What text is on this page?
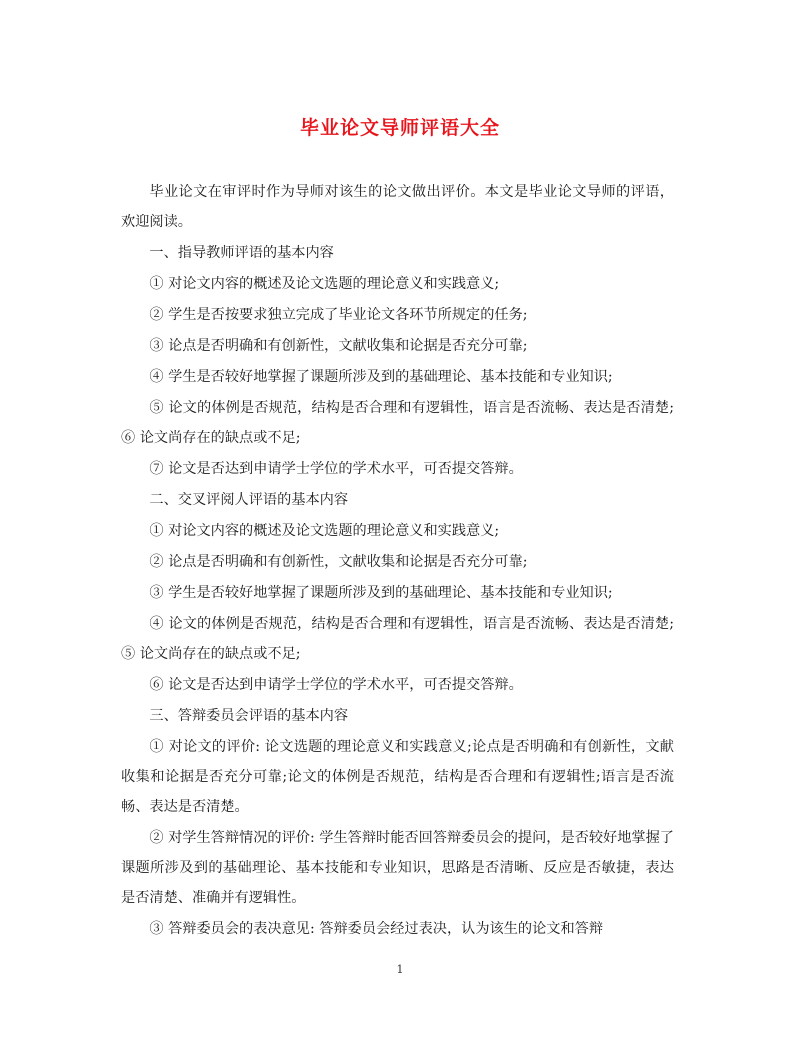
毕业论文导师评语大全

毕业论文在审评时作为导师对该生的论文做出评价。本文是毕业论文导师的评语，欢迎阅读。

一、指导教师评语的基本内容

① 对论文内容的概述及论文选题的理论意义和实践意义;

② 学生是否按要求独立完成了毕业论文各环节所规定的任务;

③ 论点是否明确和有创新性，文献收集和论据是否充分可靠;

④ 学生是否较好地掌握了课题所涉及到的基础理论、基本技能和专业知识;

⑤ 论文的体例是否规范，结构是否合理和有逻辑性，语言是否流畅、表达是否清楚; ⑥ 论文尚存在的缺点或不足;

⑦ 论文是否达到申请学士学位的学术水平，可否提交答辩。

二、交叉评阅人评语的基本内容

① 对论文内容的概述及论文选题的理论意义和实践意义;

② 论点是否明确和有创新性，文献收集和论据是否充分可靠;

③ 学生是否较好地掌握了课题所涉及到的基础理论、基本技能和专业知识;

④ 论文的体例是否规范，结构是否合理和有逻辑性，语言是否流畅、表达是否清楚; ⑤ 论文尚存在的缺点或不足;

⑥ 论文是否达到申请学士学位的学术水平，可否提交答辩。

三、答辩委员会评语的基本内容

① 对论文的评价: 论文选题的理论意义和实践意义;论点是否明确和有创新性，文献收集和论据是否充分可靠;论文的体例是否规范，结构是否合理和有逻辑性;语言是否流畅、表达是否清楚。

② 对学生答辩情况的评价: 学生答辩时能否回答辩委员会的提问，是否较好地掌握了课题所涉及到的基础理论、基本技能和专业知识，思路是否清晰、反应是否敏捷，表达是否清楚、准确并有逻辑性。

③ 答辩委员会的表决意见: 答辩委员会经过表决，认为该生的论文和答辩

1
